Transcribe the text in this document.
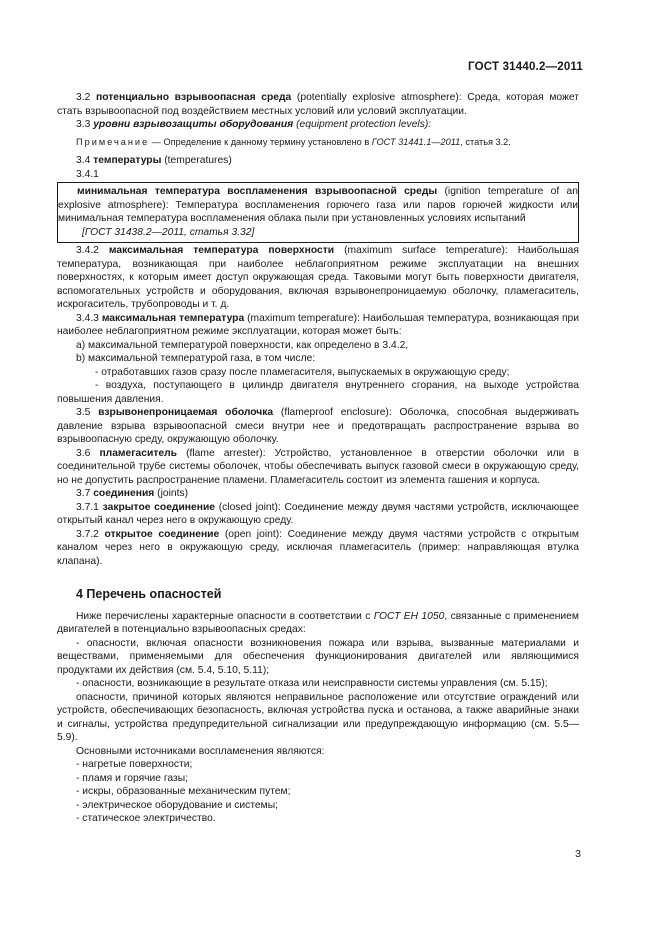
ГОСТ 31440.2—2011

3.2 потенциально взрывоопасная среда (potentially explosive atmosphere): Среда, которая может стать взрывоопасной под воздействием местных условий или условий эксплуатации.

3.3 уровни взрывозащиты оборудования (equipment protection levels):

Примечание — Определение к данному термину установлено в ГОСТ 31441.1—2011, статья 3.2.

3.4 температуры (temperatures)

3.4.1

минимальная температура воспламенения взрывоопасной среды (ignition temperature of an explosive atmosphere): Температура воспламенения горючего газа или паров горючей жидкости или минимальная температура воспламенения облака пыли при установленных условиях испытаний

[ГОСТ 31438.2—2011, статья 3.32]

3.4.2 максимальная температура поверхности (maximum surface temperature): Наибольшая температура, возникающая при наиболее неблагоприятном режиме эксплуатации на внешних поверхностях, к которым имеет доступ окружающая среда. Таковыми могут быть поверхности двигателя, вспомогательных устройств и оборудования, включая взрывонепроницаемую оболочку, пламегаситель, искрогаситель, трубопроводы и т. д.

3.4.3 максимальная температура (maximum temperature): Наибольшая температура, возникающая при наиболее неблагоприятном режиме эксплуатации, которая может быть:

a) максимальной температурой поверхности, как определено в 3.4.2,

b) максимальной температурой газа, в том числе:

- отработавших газов сразу после пламегасителя, выпускаемых в окружающую среду;

- воздуха, поступающего в цилиндр двигателя внутреннего сгорания, на выходе устройства повышения давления.

3.5 взрывонепроницаемая оболочка (flameproof enclosure): Оболочка, способная выдерживать давление взрыва взрывоопасной смеси внутри нее и предотвращать распространение взрыва во взрывоопасную среду, окружающую оболочку.

3.6 пламегаситель (flame arrester): Устройство, установленное в отверстии оболочки или в соединительной трубе системы оболочек, чтобы обеспечивать выпуск газовой смеси в окружающую среду, но не допустить распространение пламени. Пламегаситель состоит из элемента гашения и корпуса.

3.7 соединения (joints)

3.7.1 закрытое соединение (closed joint): Соединение между двумя частями устройств, исключающее открытый канал через него в окружающую среду.

3.7.2 открытое соединение (open joint): Соединение между двумя частями устройств с открытым каналом через него в окружающую среду, исключая пламегаситель (пример: направляющая втулка клапана).

4 Перечень опасностей

Ниже перечислены характерные опасности в соответствии с ГОСТ ЕН 1050, связанные с применением двигателей в потенциально взрывоопасных средах:

- опасности, включая опасности возникновения пожара или взрыва, вызванные материалами и веществами, применяемыми для обеспечения функционирования двигателей или являющимися продуктами их действия (см. 5.4, 5.10, 5.11);

- опасности, возникающие в результате отказа или неисправности системы управления (см. 5.15);

опасности, причиной которых являются неправильное расположение или отсутствие ограждений или устройств, обеспечивающих безопасность, включая устройства пуска и останова, а также аварийные знаки и сигналы, устройства предупредительной сигнализации или предупреждающую информацию (см. 5.5—5.9).

Основными источниками воспламенения являются:

- нагретые поверхности;

- пламя и горячие газы;

- искры, образованные механическим путем;

- электрическое оборудование и системы;

- статическое электричество.

3
